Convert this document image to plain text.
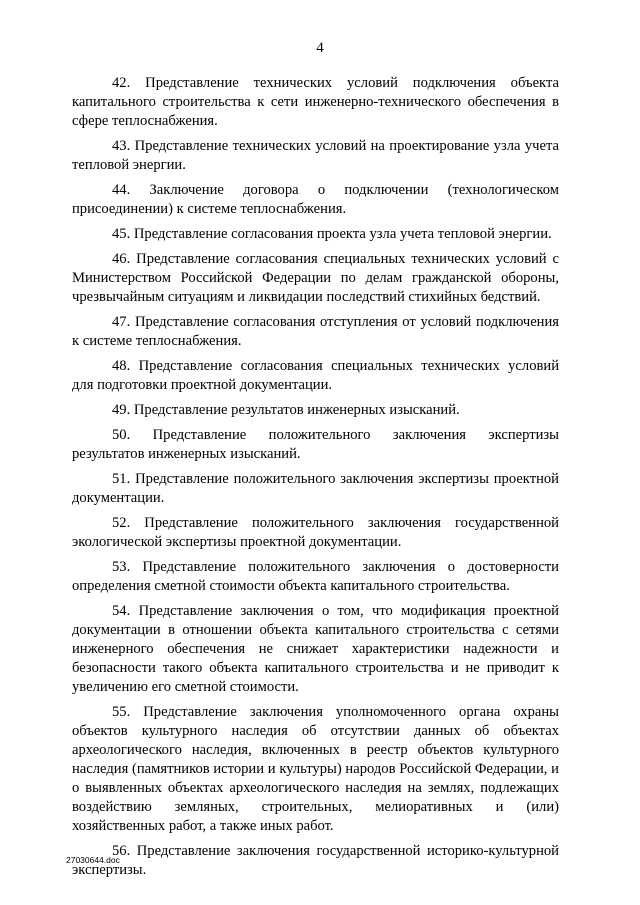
4

42. Представление технических условий подключения объекта капитального строительства к сети инженерно-технического обеспечения в сфере теплоснабжения.

43. Представление технических условий на проектирование узла учета тепловой энергии.

44. Заключение договора о подключении (технологическом присоединении) к системе теплоснабжения.

45. Представление согласования проекта узла учета тепловой энергии.

46. Представление согласования специальных технических условий с Министерством Российской Федерации по делам гражданской обороны, чрезвычайным ситуациям и ликвидации последствий стихийных бедствий.

47. Представление согласования отступления от условий подключения к системе теплоснабжения.

48. Представление согласования специальных технических условий для подготовки проектной документации.

49. Представление результатов инженерных изысканий.

50. Представление положительного заключения экспертизы результатов инженерных изысканий.

51. Представление положительного заключения экспертизы проектной документации.

52. Представление положительного заключения государственной экологической экспертизы проектной документации.

53. Представление положительного заключения о достоверности определения сметной стоимости объекта капитального строительства.

54. Представление заключения о том, что модификация проектной документации в отношении объекта капитального строительства с сетями инженерного обеспечения не снижает характеристики надежности и безопасности такого объекта капитального строительства и не приводит к увеличению его сметной стоимости.

55. Представление заключения уполномоченного органа охраны объектов культурного наследия об отсутствии данных об объектах археологического наследия, включенных в реестр объектов культурного наследия (памятников истории и культуры) народов Российской Федерации, и о выявленных объектах археологического наследия на землях, подлежащих воздействию земляных, строительных, мелиоративных и (или) хозяйственных работ, а также иных работ.

56. Представление заключения государственной историко-культурной экспертизы.

27030644.doc
